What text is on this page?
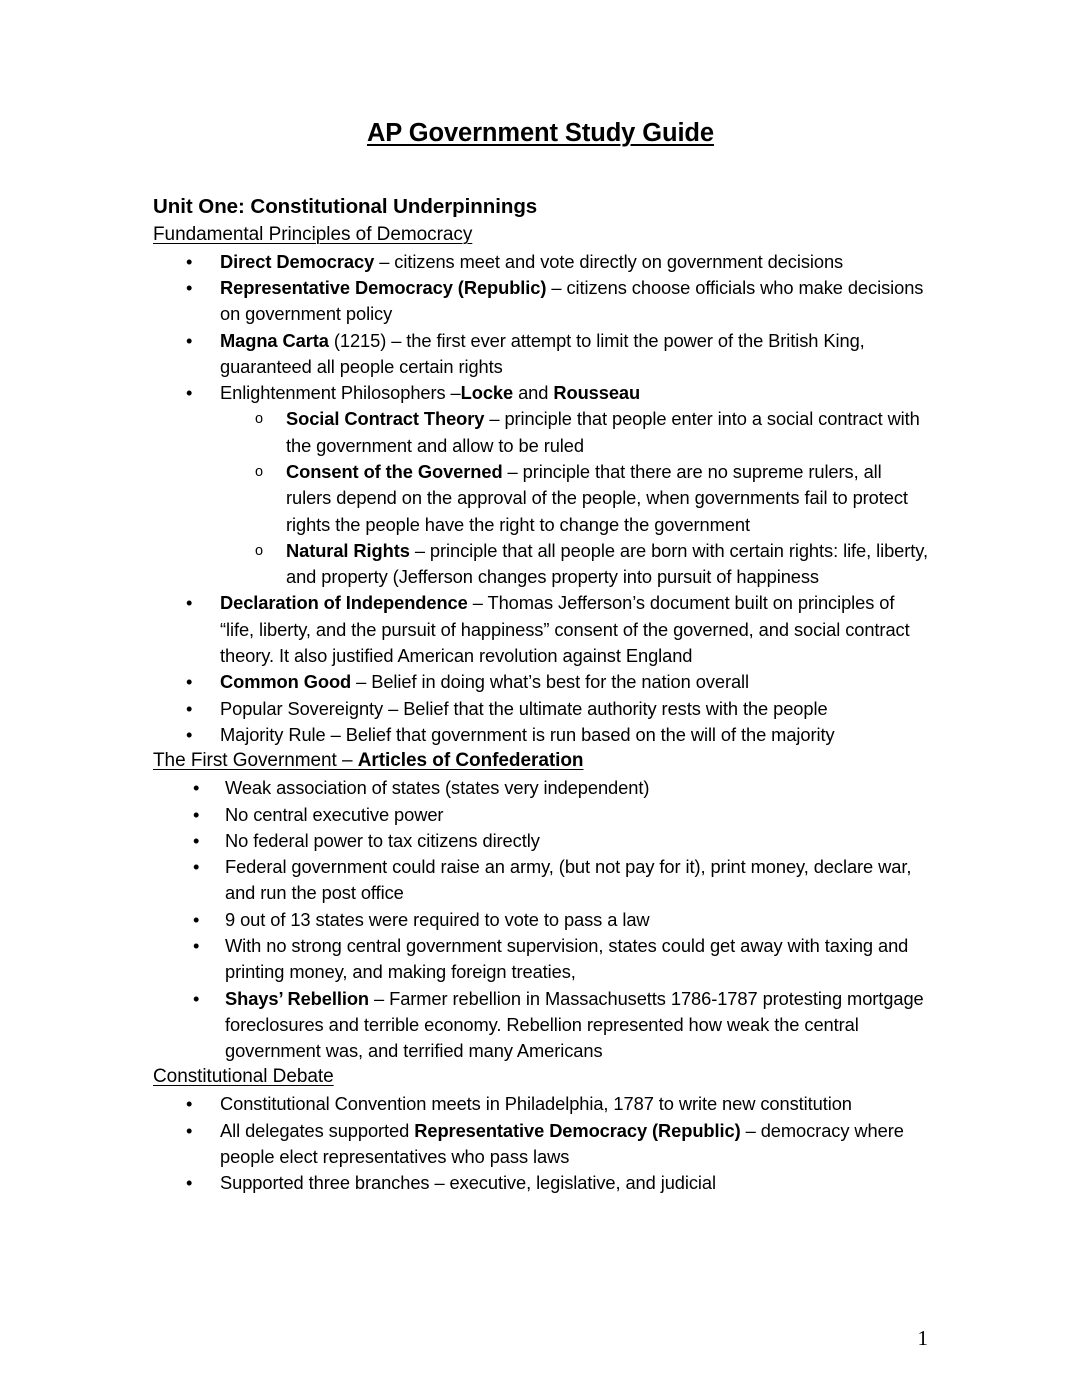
AP Government Study Guide
Unit One: Constitutional Underpinnings
Fundamental Principles of Democracy
• Direct Democracy – citizens meet and vote directly on government decisions
• Representative Democracy (Republic) – citizens choose officials who make decisions on government policy
• Magna Carta (1215) – the first ever attempt to limit the power of the British King, guaranteed all people certain rights
• Enlightenment Philosophers –Locke and Rousseau
o Social Contract Theory – principle that people enter into a social contract with the government and allow to be ruled
o Consent of the Governed – principle that there are no supreme rulers, all rulers depend on the approval of the people, when governments fail to protect rights the people have the right to change the government
o Natural Rights – principle that all people are born with certain rights: life, liberty, and property (Jefferson changes property into pursuit of happiness
• Declaration of Independence – Thomas Jefferson’s document built on principles of “life, liberty, and the pursuit of happiness” consent of the governed, and social contract theory. It also justified American revolution against England
• Common Good – Belief in doing what’s best for the nation overall
• Popular Sovereignty – Belief that the ultimate authority rests with the people
• Majority Rule – Belief that government is run based on the will of the majority
The First Government – Articles of Confederation
• Weak association of states (states very independent)
• No central executive power
• No federal power to tax citizens directly
• Federal government could raise an army, (but not pay for it), print money, declare war, and run the post office
• 9 out of 13 states were required to vote to pass a law
• With no strong central government supervision, states could get away with taxing and printing money, and making foreign treaties,
• Shays’ Rebellion – Farmer rebellion in Massachusetts 1786-1787 protesting mortgage foreclosures and terrible economy. Rebellion represented how weak the central government was, and terrified many Americans
Constitutional Debate
• Constitutional Convention meets in Philadelphia, 1787 to write new constitution
• All delegates supported Representative Democracy (Republic) – democracy where people elect representatives who pass laws
• Supported three branches – executive, legislative, and judicial
1
